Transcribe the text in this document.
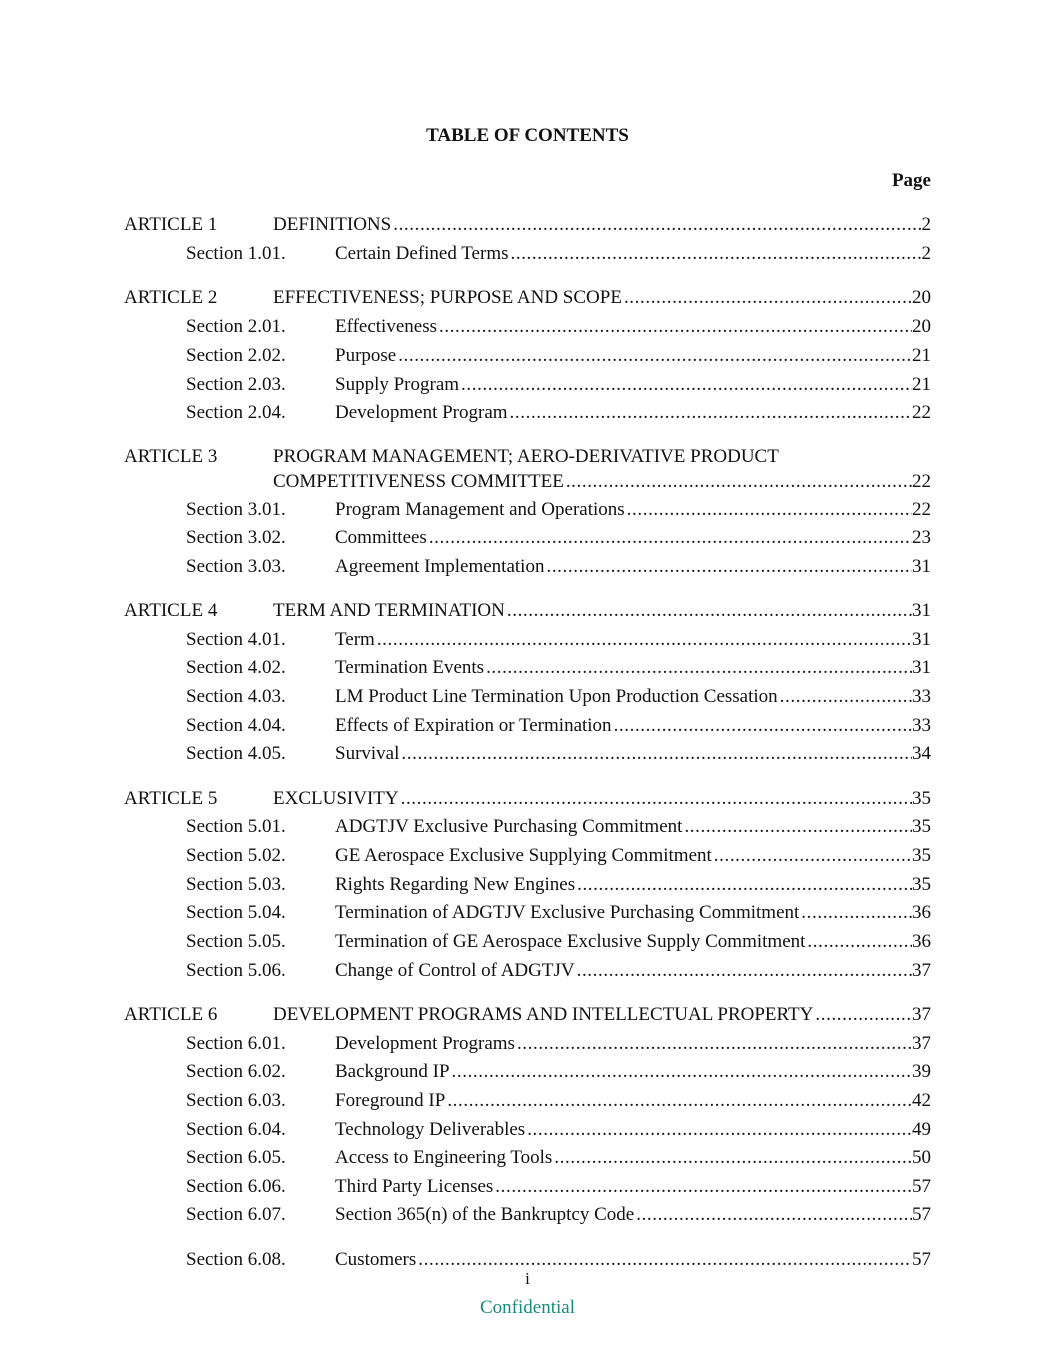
TABLE OF CONTENTS
Page
ARTICLE 1	DEFINITIONS .....	2
Section 1.01.	Certain Defined Terms .....	2
ARTICLE 2	EFFECTIVENESS; PURPOSE AND SCOPE .....	20
Section 2.01.	Effectiveness .....	20
Section 2.02.	Purpose .....	21
Section 2.03.	Supply Program .....	21
Section 2.04.	Development Program .....	22
ARTICLE 3	PROGRAM MANAGEMENT; AERO-DERIVATIVE PRODUCT
COMPETITIVENESS COMMITTEE .....	22
Section 3.01.	Program Management and Operations .....	22
Section 3.02.	Committees .....	23
Section 3.03.	Agreement Implementation .....	31
ARTICLE 4	TERM AND TERMINATION .....	31
Section 4.01.	Term .....	31
Section 4.02.	Termination Events .....	31
Section 4.03.	LM Product Line Termination Upon Production Cessation .....	33
Section 4.04.	Effects of Expiration or Termination .....	33
Section 4.05.	Survival .....	34
ARTICLE 5	EXCLUSIVITY .....	35
Section 5.01.	ADGTJV Exclusive Purchasing Commitment .....	35
Section 5.02.	GE Aerospace Exclusive Supplying Commitment .....	35
Section 5.03.	Rights Regarding New Engines .....	35
Section 5.04.	Termination of ADGTJV Exclusive Purchasing Commitment .....	36
Section 5.05.	Termination of GE Aerospace Exclusive Supply Commitment .....	36
Section 5.06.	Change of Control of ADGTJV .....	37
ARTICLE 6	DEVELOPMENT PROGRAMS AND INTELLECTUAL PROPERTY .....	37
Section 6.01.	Development Programs .....	37
Section 6.02.	Background IP .....	39
Section 6.03.	Foreground IP .....	42
Section 6.04.	Technology Deliverables .....	49
Section 6.05.	Access to Engineering Tools .....	50
Section 6.06.	Third Party Licenses .....	57
Section 6.07.	Section 365(n) of the Bankruptcy Code .....	57
Section 6.08.	Customers .....	57
i
Confidential
